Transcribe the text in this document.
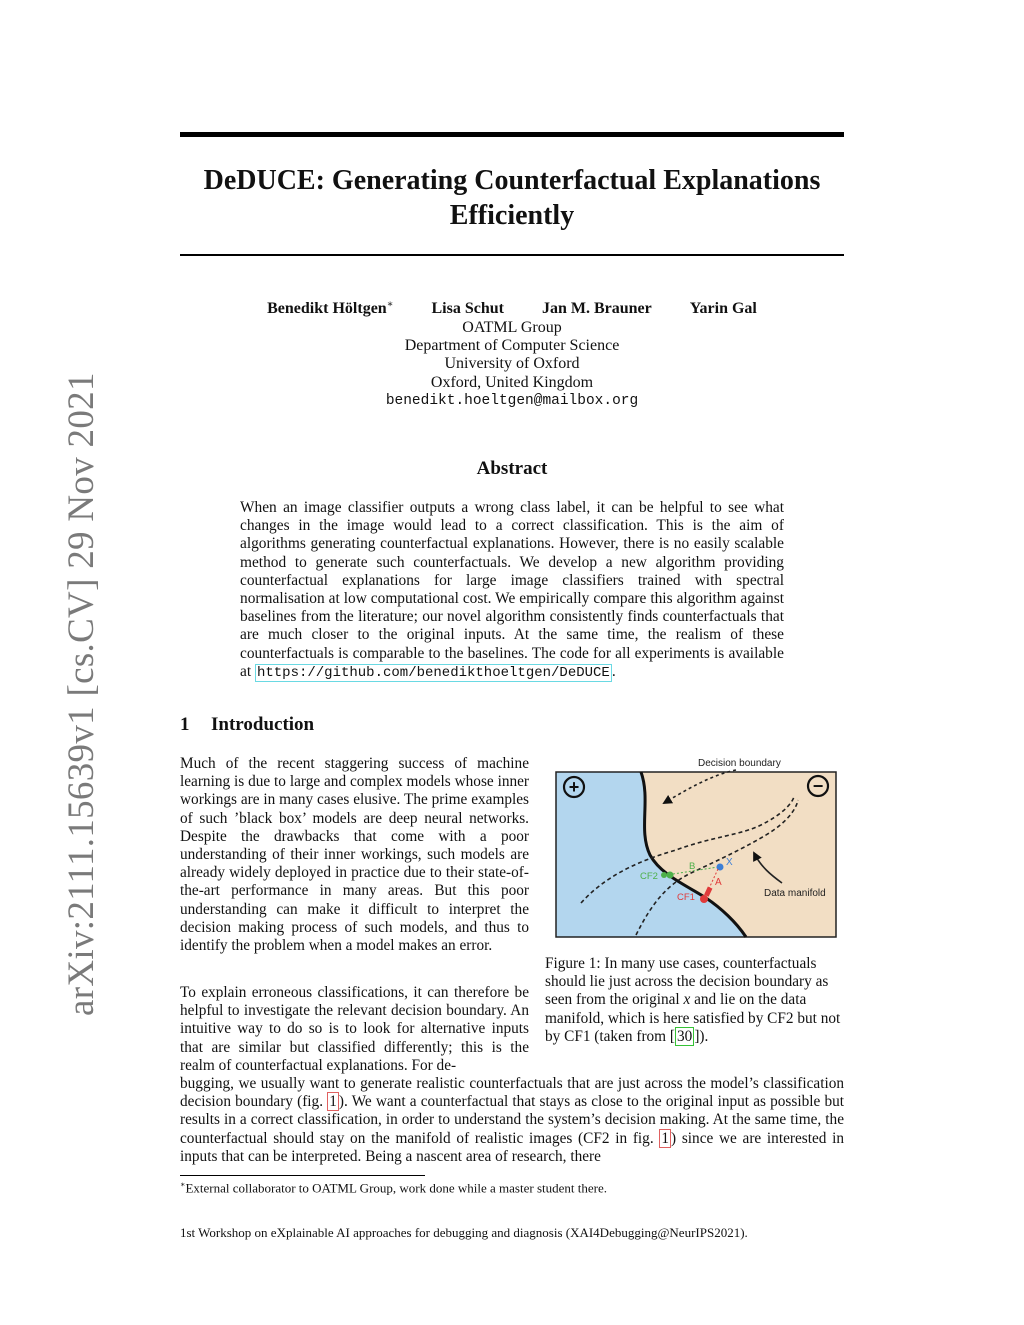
arXiv:2111.15639v1 [cs.CV] 29 Nov 2021
DeDUCE: Generating Counterfactual Explanations
Efficiently
Benedikt Höltgen∗ Lisa Schut Jan M. Brauner Yarin Gal
OATML Group
Department of Computer Science
University of Oxford
Oxford, United Kingdom
benedikt.hoeltgen@mailbox.org
Abstract
When an image classifier outputs a wrong class label, it can be helpful to see what changes in the image would lead to a correct classification. This is the aim of algorithms generating counterfactual explanations. However, there is no easily scalable method to generate such counterfactuals. We develop a new algorithm providing counterfactual explanations for large image classifiers trained with spectral normalisation at low computational cost. We empirically compare this algorithm against baselines from the literature; our novel algorithm consistently finds counterfactuals that are much closer to the original inputs. At the same time, the realism of these counterfactuals is comparable to the baselines. The code for all experiments is available at https://github.com/benedikthoeltgen/DeDUCE .
1 Introduction
Much of the recent staggering success of machine learning is due to large and complex models whose inner workings are in many cases elusive. The prime examples of such ’black box’ models are deep neural networks. Despite the drawbacks that come with a poor understanding of their inner workings, such models are already widely deployed in practice due to their state-of-the-art performance in many areas. But this poor understanding can make it difficult to interpret the decision making process of such models, and thus to identify the problem when a model makes an error.
To explain erroneous classifications, it can therefore be helpful to investigate the relevant decision boundary. An intuitive way to do so is to look for alternative inputs that are similar but classified differently; this is the realm of counterfactual explanations. For de-
bugging, we usually want to generate realistic counterfactuals that are just across the model’s classification decision boundary (fig. 1 ). We want a counterfactual that stays as close to the original input as possible but results in a correct classification, in order to understand the system’s decision making. At the same time, the counterfactual should stay on the manifold of realistic images (CF2 in fig. 1 ) since we are interested in inputs that can be interpreted. Being a nascent area of research, there
+	−
Decision boundary
Data manifold
CF2
B	X
A
CF1
Figure 1: In many use cases, counterfactuals should lie just across the decision boundary as seen from the original x and lie on the data manifold, which is here satisfied by CF2 but not by CF1 (taken from [ 30 ]).
∗External collaborator to OATML Group, work done while a master student there.
1st Workshop on eXplainable AI approaches for debugging and diagnosis (XAI4Debugging@NeurIPS2021).
